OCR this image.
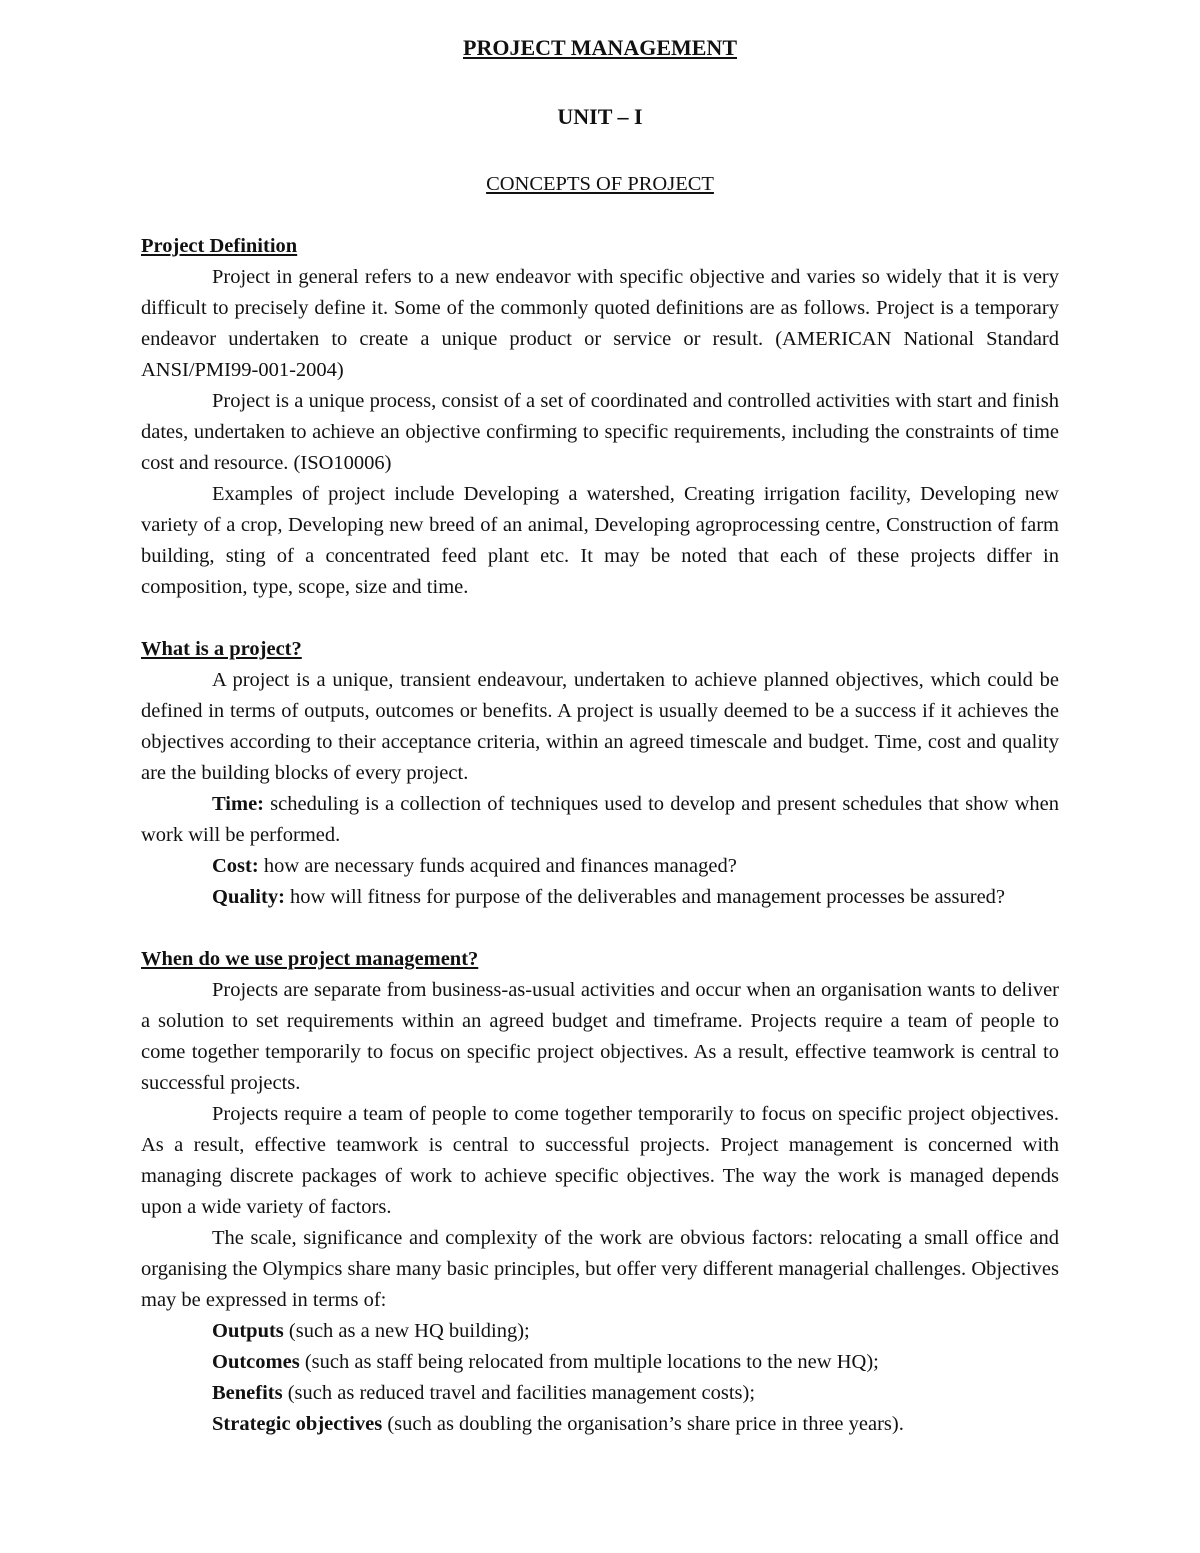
PROJECT MANAGEMENT
UNIT – I
CONCEPTS OF PROJECT
Project Definition

Project in general refers to a new endeavor with specific objective and varies so widely that it is very difficult to precisely define it. Some of the commonly quoted definitions are as follows. Project is a temporary endeavor undertaken to create a unique product or service or result. (AMERICAN National Standard ANSI/PMI99-001-2004)

Project is a unique process, consist of a set of coordinated and controlled activities with start and finish dates, undertaken to achieve an objective confirming to specific requirements, including the constraints of time cost and resource. (ISO10006)

Examples of project include Developing a watershed, Creating irrigation facility, Developing new variety of a crop, Developing new breed of an animal, Developing agroprocessing centre, Construction of farm building, sting of a concentrated feed plant etc. It may be noted that each of these projects differ in composition, type, scope, size and time.

What is a project?

A project is a unique, transient endeavour, undertaken to achieve planned objectives, which could be defined in terms of outputs, outcomes or benefits. A project is usually deemed to be a success if it achieves the objectives according to their acceptance criteria, within an agreed timescale and budget. Time, cost and quality are the building blocks of every project.

Time: scheduling is a collection of techniques used to develop and present schedules that show when work will be performed.

Cost: how are necessary funds acquired and finances managed?

Quality: how will fitness for purpose of the deliverables and management processes be assured?

When do we use project management?

Projects are separate from business-as-usual activities and occur when an organisation wants to deliver a solution to set requirements within an agreed budget and timeframe. Projects require a team of people to come together temporarily to focus on specific project objectives. As a result, effective teamwork is central to successful projects.

Projects require a team of people to come together temporarily to focus on specific project objectives. As a result, effective teamwork is central to successful projects. Project management is concerned with managing discrete packages of work to achieve specific objectives. The way the work is managed depends upon a wide variety of factors.

The scale, significance and complexity of the work are obvious factors: relocating a small office and organising the Olympics share many basic principles, but offer very different managerial challenges. Objectives may be expressed in terms of:

Outputs (such as a new HQ building);

Outcomes (such as staff being relocated from multiple locations to the new HQ);

Benefits (such as reduced travel and facilities management costs);

Strategic objectives (such as doubling the organisation’s share price in three years).
